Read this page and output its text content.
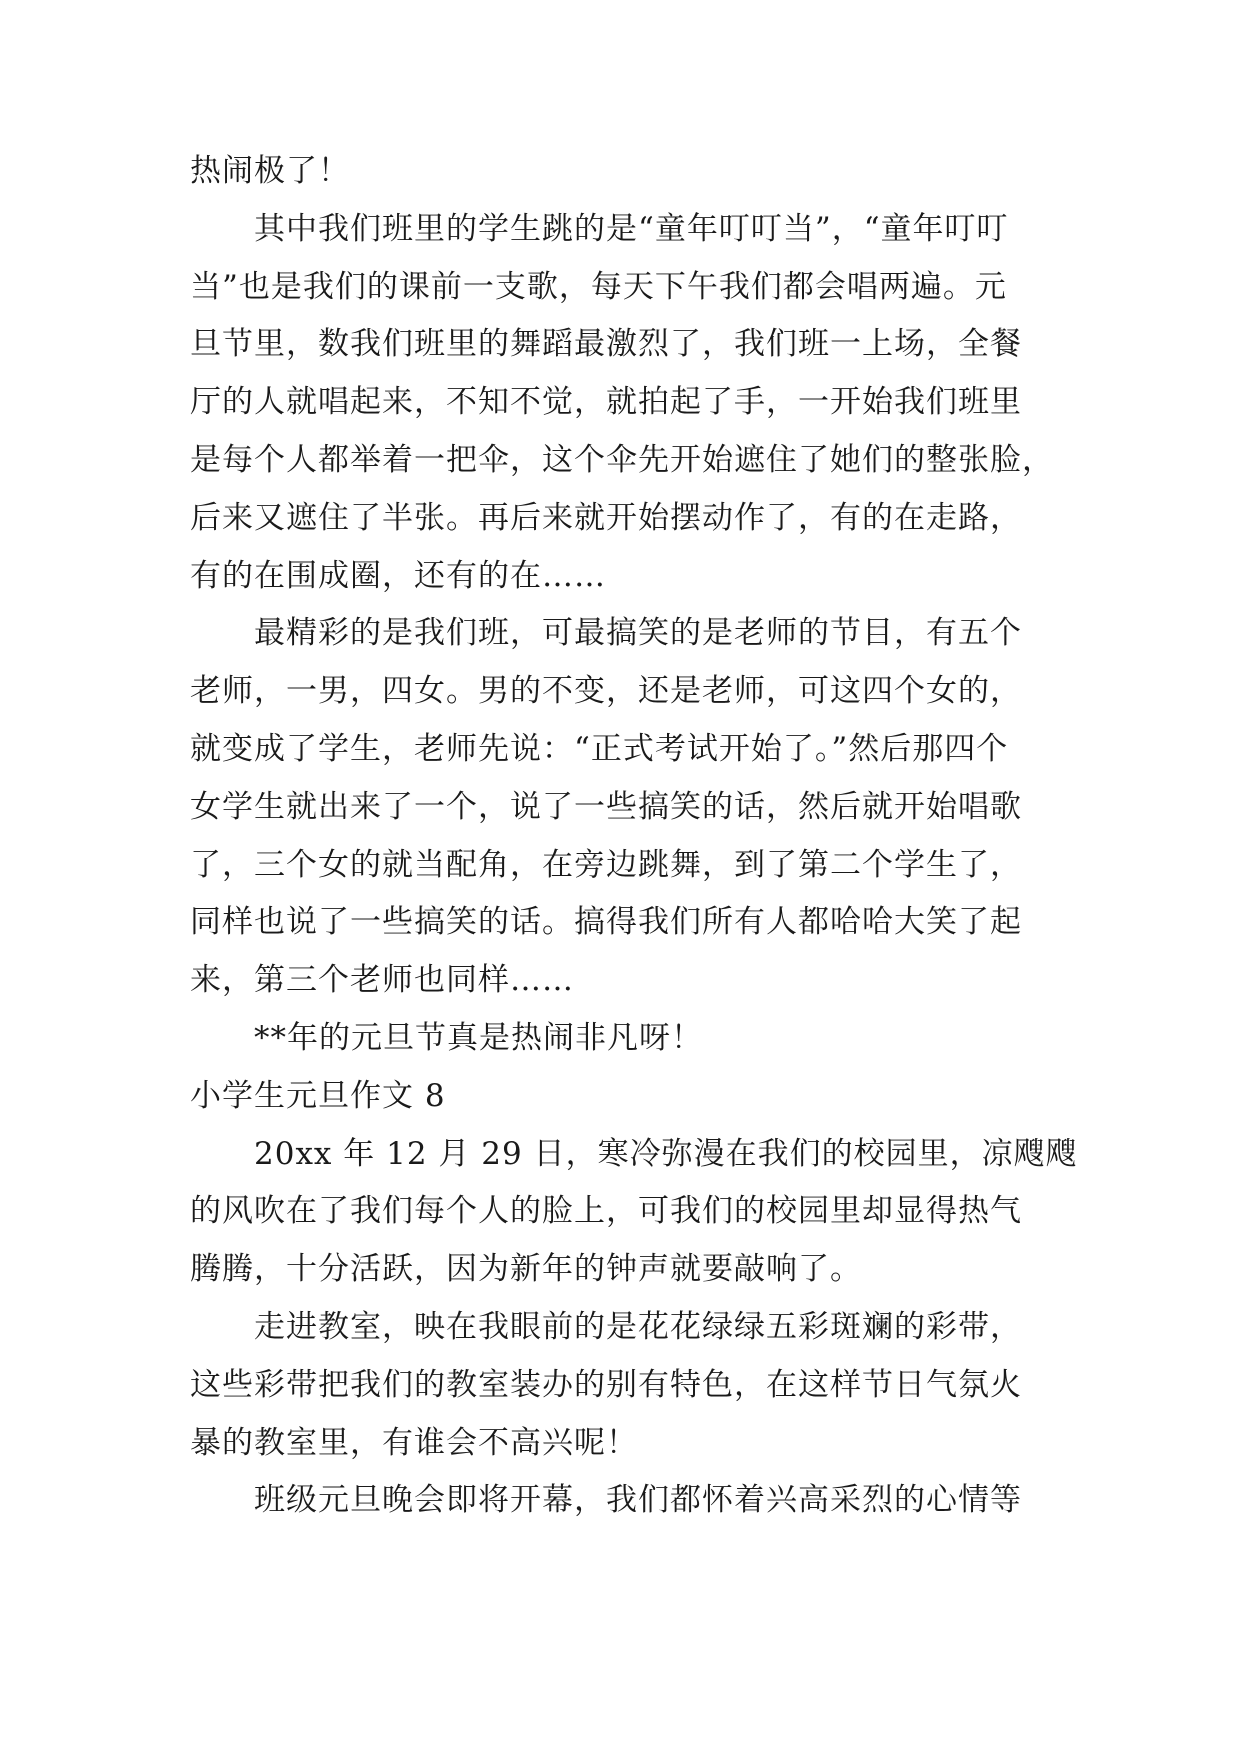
热闹极了！
其中我们班里的学生跳的是“童年叮叮当”，“童年叮叮
当”也是我们的课前一支歌，每天下午我们都会唱两遍。元
旦节里，数我们班里的舞蹈最激烈了，我们班一上场，全餐
厅的人就唱起来，不知不觉，就拍起了手，一开始我们班里
是每个人都举着一把伞，这个伞先开始遮住了她们的整张脸，
后来又遮住了半张。再后来就开始摆动作了，有的在走路，
有的在围成圈，还有的在……
最精彩的是我们班，可最搞笑的是老师的节目，有五个
老师，一男，四女。男的不变，还是老师，可这四个女的，
就变成了学生，老师先说：“正式考试开始了。”然后那四个
女学生就出来了一个，说了一些搞笑的话，然后就开始唱歌
了，三个女的就当配角，在旁边跳舞，到了第二个学生了，
同样也说了一些搞笑的话。搞得我们所有人都哈哈大笑了起
来，第三个老师也同样……
**年的元旦节真是热闹非凡呀！
小学生元旦作文 8
20xx 年 12 月 29 日，寒冷弥漫在我们的校园里，凉飕飕
的风吹在了我们每个人的脸上，可我们的校园里却显得热气
腾腾，十分活跃，因为新年的钟声就要敲响了。
走进教室，映在我眼前的是花花绿绿五彩斑斓的彩带，
这些彩带把我们的教室装办的别有特色，在这样节日气氛火
暴的教室里，有谁会不高兴呢！
班级元旦晚会即将开幕，我们都怀着兴高采烈的心情等
